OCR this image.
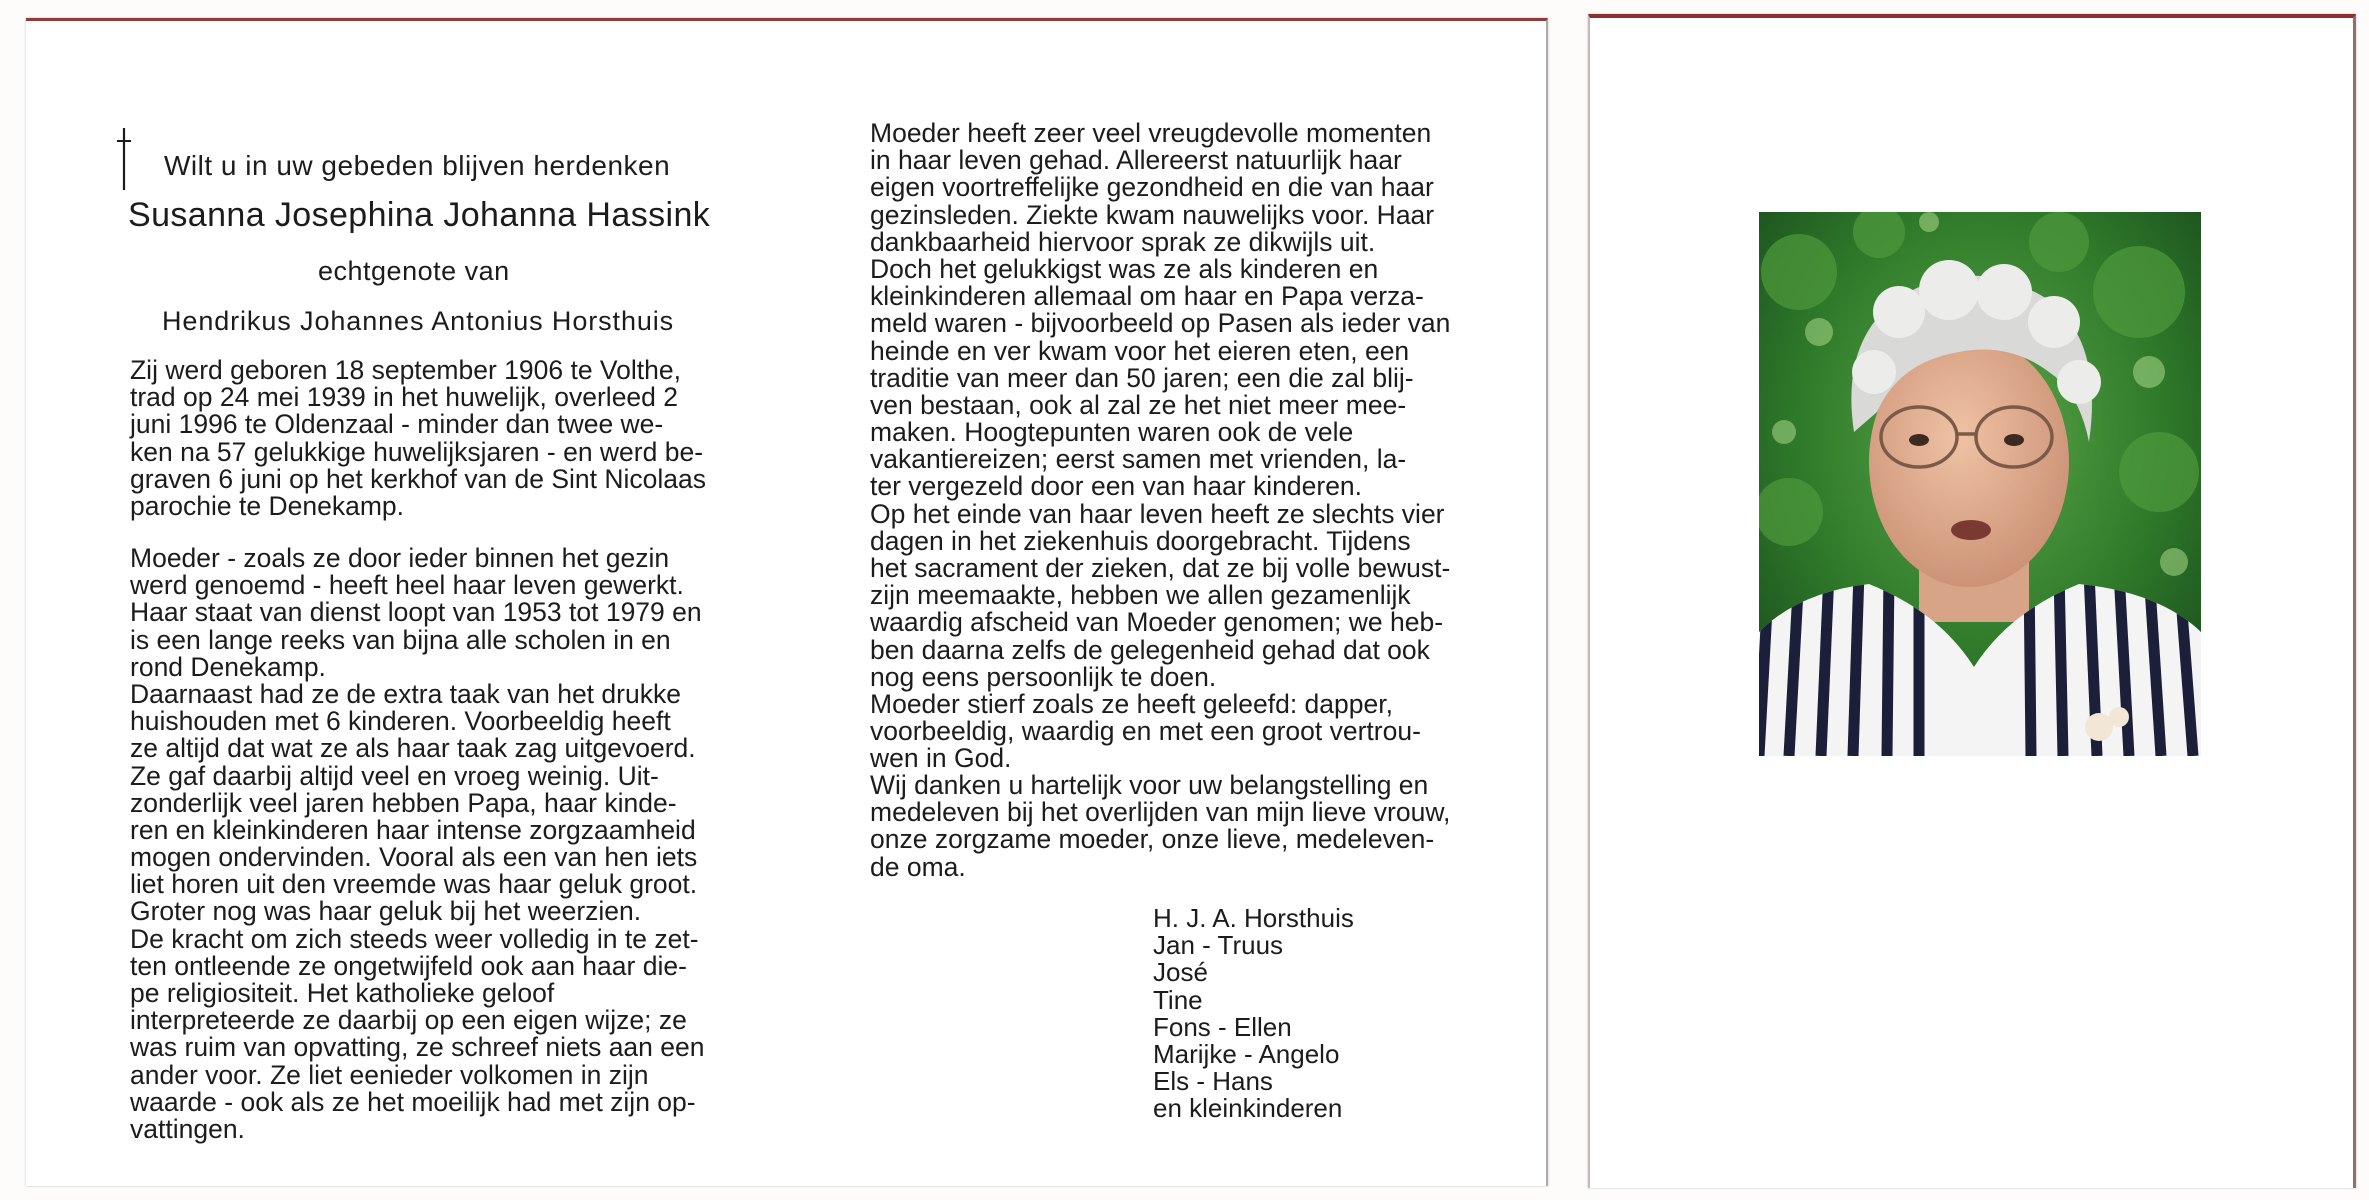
Wilt u in uw gebeden blijven herdenken
Susanna Josephina Johanna Hassink
echtgenote van
Hendrikus Johannes Antonius Horsthuis
Zij werd geboren 18 september 1906 te Volthe,
trad op 24 mei 1939 in het huwelijk, overleed 2
juni 1996 te Oldenzaal - minder dan twee we-
ken na 57 gelukkige huwelijksjaren - en werd be-
graven 6 juni op het kerkhof van de Sint Nicolaas
parochie te Denekamp.
Moeder - zoals ze door ieder binnen het gezin
werd genoemd - heeft heel haar leven gewerkt.
Haar staat van dienst loopt van 1953 tot 1979 en
is een lange reeks van bijna alle scholen in en
rond Denekamp.
Daarnaast had ze de extra taak van het drukke
huishouden met 6 kinderen. Voorbeeldig heeft
ze altijd dat wat ze als haar taak zag uitgevoerd.
Ze gaf daarbij altijd veel en vroeg weinig. Uit-
zonderlijk veel jaren hebben Papa, haar kinde-
ren en kleinkinderen haar intense zorgzaamheid
mogen ondervinden. Vooral als een van hen iets
liet horen uit den vreemde was haar geluk groot.
Groter nog was haar geluk bij het weerzien.
De kracht om zich steeds weer volledig in te zet-
ten ontleende ze ongetwijfeld ook aan haar die-
pe religiositeit. Het katholieke geloof
interpreteerde ze daarbij op een eigen wijze; ze
was ruim van opvatting, ze schreef niets aan een
ander voor. Ze liet eenieder volkomen in zijn
waarde - ook als ze het moeilijk had met zijn op-
vattingen.
Moeder heeft zeer veel vreugdevolle momenten
in haar leven gehad. Allereerst natuurlijk haar
eigen voortreffelijke gezondheid en die van haar
gezinsleden. Ziekte kwam nauwelijks voor. Haar
dankbaarheid hiervoor sprak ze dikwijls uit.
Doch het gelukkigst was ze als kinderen en
kleinkinderen allemaal om haar en Papa verza-
meld waren - bijvoorbeeld op Pasen als ieder van
heinde en ver kwam voor het eieren eten, een
traditie van meer dan 50 jaren; een die zal blij-
ven bestaan, ook al zal ze het niet meer mee-
maken. Hoogtepunten waren ook de vele
vakantiereizen; eerst samen met vrienden, la-
ter vergezeld door een van haar kinderen.
Op het einde van haar leven heeft ze slechts vier
dagen in het ziekenhuis doorgebracht. Tijdens
het sacrament der zieken, dat ze bij volle bewust-
zijn meemaakte, hebben we allen gezamenlijk
waardig afscheid van Moeder genomen; we heb-
ben daarna zelfs de gelegenheid gehad dat ook
nog eens persoonlijk te doen.
Moeder stierf zoals ze heeft geleefd: dapper,
voorbeeldig, waardig en met een groot vertrou-
wen in God.
Wij danken u hartelijk voor uw belangstelling en
medeleven bij het overlijden van mijn lieve vrouw,
onze zorgzame moeder, onze lieve, medeleven-
de oma.
H. J. A. Horsthuis
Jan - Truus
José
Tine
Fons - Ellen
Marijke - Angelo
Els - Hans
en kleinkinderen
